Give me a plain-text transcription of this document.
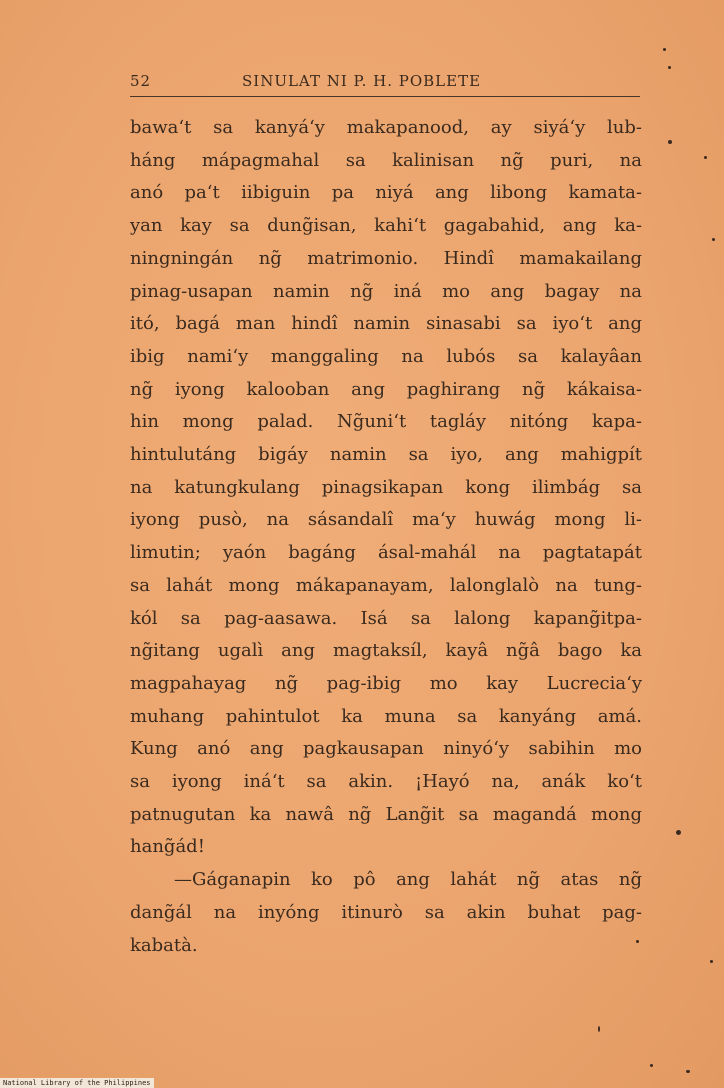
52	SINULAT NI P. H. POBLETE
bawa‘t sa kanyá‘y makapanood, ay siyá‘y lub-
háng mápagmahal sa kalinisan ng̃ puri, na
anó pa‘t iibiguin pa niyá ang libong kamata-
yan kay sa dung̃isan, kahi‘t gagabahid, ang ka-
ningningán ng̃ matrimonio. Hindî mamakailang
pinag-usapan namin ng̃ iná mo ang bagay na
itó, bagá man hindî namin sinasabi sa iyo‘t ang
ibig nami‘y manggaling na lubós sa kalayâan
ng̃ iyong kalooban ang paghirang ng̃ kákaisa-
hin mong palad. Ng̃uni‘t tagláy nitóng kapa-
hintulutáng bigáy namin sa iyo, ang mahigpít
na katungkulang pinagsikapan kong ilimbág sa
iyong pusò, na sásandalî ma‘y huwág mong li-
limutin; yaón bagáng ásal-mahál na pagtatapát
sa lahát mong mákapanayam, lalonglalò na tung-
kól sa pag-aasawa. Isá sa lalong kapang̃itpa-
ng̃itang ugalì ang magtaksíl, kayâ ng̃â bago ka
magpahayag ng̃ pag-ibig mo kay Lucrecia‘y
muhang pahintulot ka muna sa kanyáng amá.
Kung anó ang pagkausapan ninyó‘y sabihin mo
sa iyong iná‘t sa akin. ¡Hayó na, anák ko‘t
patnugutan ka nawâ ng̃ Lang̃it sa magandá mong
hang̃ád!
—Gáganapin ko pô ang lahát ng̃ atas ng̃
dang̃ál na inyóng itinurò sa akin buhat pag-
kabatà.
National Library of the Philippines
